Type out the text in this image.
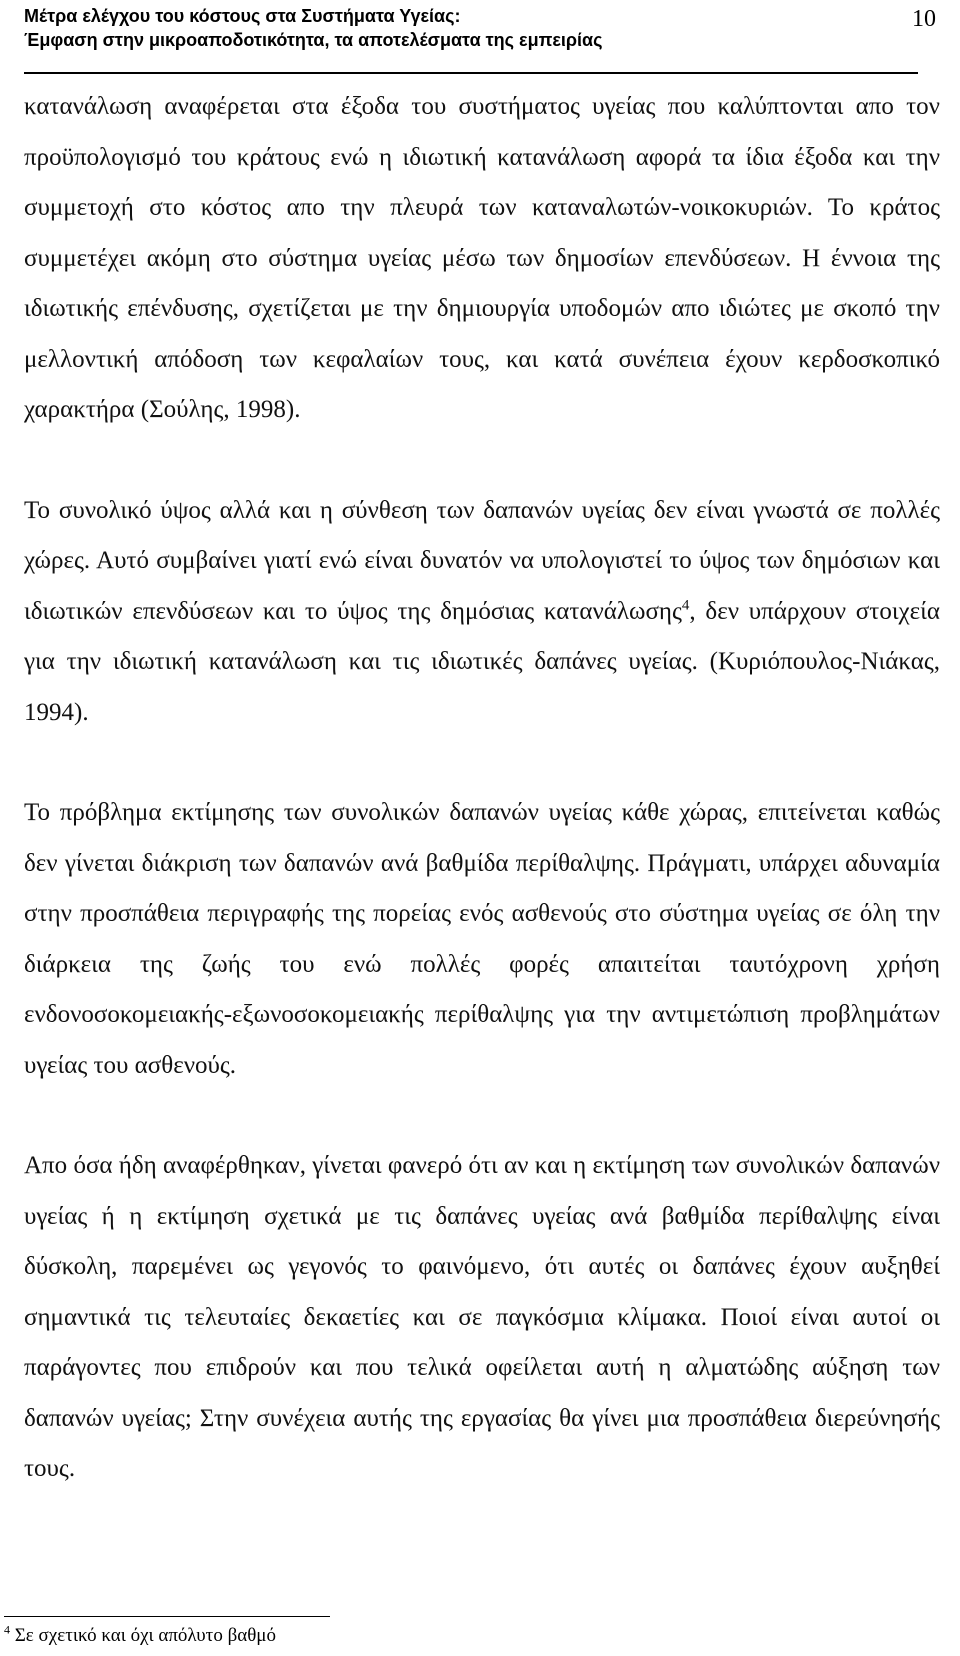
Μέτρα ελέγχου του κόστους στα Συστήματα Υγείας:

Έμφαση στην μικροαποδοτικότητα, τα αποτελέσματα της εμπειρίας

10

κατανάλωση αναφέρεται στα έξοδα του συστήματος υγείας που καλύπτονται απο τον προϋπολογισμό του κράτους ενώ η ιδιωτική κατανάλωση αφορά τα ίδια έξοδα και την συμμετοχή στο κόστος απο την πλευρά των καταναλωτών-νοικοκυριών. Το κράτος συμμετέχει ακόμη στο σύστημα υγείας μέσω των δημοσίων επενδύσεων. Η έννοια της ιδιωτικής επένδυσης, σχετίζεται με την δημιουργία υποδομών απο ιδιώτες με σκοπό την μελλοντική απόδοση των κεφαλαίων τους, και κατά συνέπεια έχουν κερδοσκοπικό χαρακτήρα (Σούλης, 1998).

Το συνολικό ύψος αλλά και η σύνθεση των δαπανών υγείας δεν είναι γνωστά σε πολλές χώρες. Αυτό συμβαίνει γιατί ενώ είναι δυνατόν να υπολογιστεί το ύψος των δημόσιων και ιδιωτικών επενδύσεων και το ύψος της δημόσιας κατανάλωσης$^4$, δεν υπάρχουν στοιχεία για την ιδιωτική κατανάλωση και τις ιδιωτικές δαπάνες υγείας. (Κυριόπουλος-Νιάκας, 1994).

Το πρόβλημα εκτίμησης των συνολικών δαπανών υγείας κάθε χώρας, επιτείνεται καθώς δεν γίνεται διάκριση των δαπανών ανά βαθμίδα περίθαλψης. Πράγματι, υπάρχει αδυναμία στην προσπάθεια περιγραφής της πορείας ενός ασθενούς στο σύστημα υγείας σε όλη την διάρκεια της ζωής του ενώ πολλές φορές απαιτείται ταυτόχρονη χρήση ενδονοσοκομειακής-εξωνοσοκομειακής περίθαλψης για την αντιμετώπιση προβλημάτων υγείας του ασθενούς.

Απο όσα ήδη αναφέρθηκαν, γίνεται φανερό ότι αν και η εκτίμηση των συνολικών δαπανών υγείας ή η εκτίμηση σχετικά με τις δαπάνες υγείας ανά βαθμίδα περίθαλψης είναι δύσκολη, παρεμένει ως γεγονός το φαινόμενο, ότι αυτές οι δαπάνες έχουν αυξηθεί σημαντικά τις τελευταίες δεκαετίες και σε παγκόσμια κλίμακα. Ποιοί είναι αυτοί οι παράγοντες που επιδρούν και που τελικά οφείλεται αυτή η αλματώδης αύξηση των δαπανών υγείας; Στην συνέχεια αυτής της εργασίας θα γίνει μια προσπάθεια διερεύνησής τους.

$^4$ Σε σχετικό και όχι απόλυτο βαθμό
